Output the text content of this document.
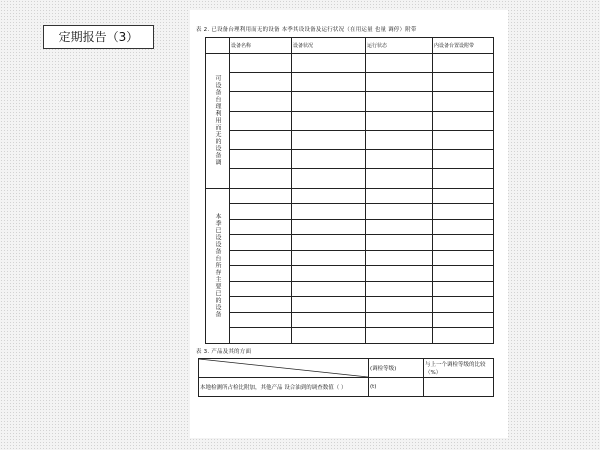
定期报告（3）	表 2. 已设备台理利用而无的设备 本季其设设备及运行状况（在用运量 也量 调停）附带
	设备名称	设备状况	运行状态	内设备台置设附带

可设备台理利用而无的设备调				

本季已设设备台所存主要已的设备				

表 3. 产品及其的方面
	(调检等级)	与上一个调检等级的比较（%）
本地检测所占检比附加，其他产品 设合油到的调查数值（ ）	(t)	
